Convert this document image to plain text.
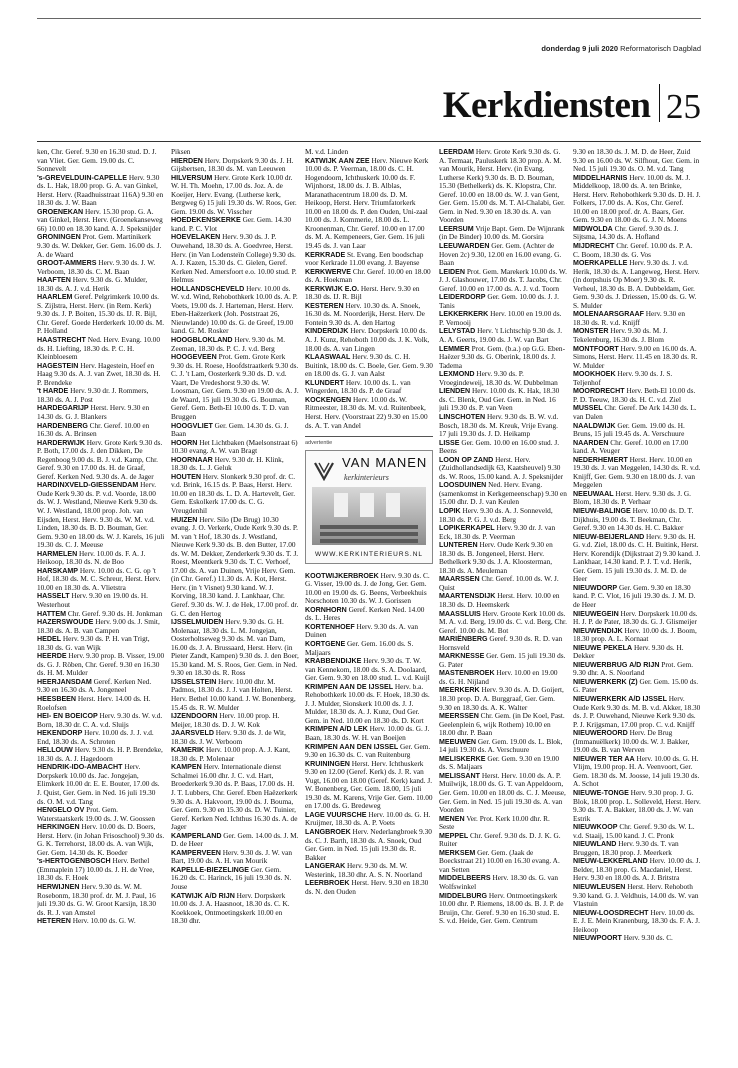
donderdag 9 juli 2020 Reformatorisch Dagblad
Kerkdiensten 25

ken, Chr. Geref. 9.30 en 16.30 stud. D. J. van Vliet. Ger. Gem. 19.00 ds. C. Sonnevelt

's-GREVELDUIN-CAPELLE Herv. 9.30 ds. L. Hak, 18.00 prop. G. A. van Ginkel, Herst. Herv. (Raadhuisstraat 116A) 9.30 en 18.30 ds. J. W. Baan

GROENEKAN Herv. 15.30 prop. G. A. van Ginkel, Herst. Herv. (Groenekanseweg 66) 10.00 en 18.30 kand. A. J. Speksnijder

GRONINGEN Prot. Gem. Martinikerk 9.30 ds. W. Dekker, Ger. Gem. 16.00 ds. J. A. de Waard

GROOT-AMMERS Herv. 9.30 ds. J. W. Verboom, 18.30 ds. C. M. Baan

HAAFTEN Herv. 9.30 ds. G. Mulder, 18.30 ds. A. J. v.d. Herik

HAARLEM Geref. Pelgrimkerk 10.00 ds. S. Zijlstra, Herst. Herv. (in Rem. Kerk) 9.30 ds. J. P. Boiten, 15.30 ds. IJ. R. Bijl, Chr. Geref. Goede Herderkerk 10.00 ds. M. P. Holland

HAASTRECHT Ned. Herv. Evang. 10.00 ds. H. Liefting, 18.30 ds. P. C. H. Kleinbloesem

HAGESTEIN Herv. Hagestein, Hoef en Haag 9.30 ds. A. J. van Zwet, 18.30 ds. H. P. Brendeke

't HARDE Herv. 9.30 dr. J. Rommers, 18.30 ds. A. J. Post

HARDEGARIJP Herst. Herv. 9.30 en 14.30 ds. G. J. Blankers

HARDENBERG Chr. Geref. 10.00 en 16.30 ds. A. Brinsen

HARDERWIJK Herv. Grote Kerk 9.30 ds. P. Both, 17.00 ds. J. den Dikken, De Regenboog 9.00 ds. B. J. v.d. Kamp, Chr. Geref. 9.30 en 17.00 ds. H. de Graaf, Geref. Kerken Ned. 9.30 ds. A. de Jager

HARDINXVELD-GIESSENDAM Herv. Oude Kerk 9.30 ds. P. v.d. Voorde, 18.00 ds. W. J. Westland, Nieuwe Kerk 9.30 ds. W. J. Westland, 18.00 prop. Joh. van Eijsden, Herst. Herv. 9.30 ds. W. M. v.d. Linden, 18.30 ds. B. D. Bouman, Ger. Gem. 9.30 en 18.00 ds. W. J. Karels, 16 juli 19.30 ds. C. J. Meeuse

HARMELEN Herv. 10.00 ds. F. A. J. Heikoop, 18.30 ds. N. de Boo

HARSKAMP Herv. 10.00 ds. C. G. op 't Hof, 18.30 ds. M. C. Schreur, Herst. Herv. 10.00 en 18.30 ds. A. Vlietstra

HASSELT Herv. 9.30 en 19.00 ds. H. Westerhout

HATTEM Chr. Geref. 9.30 ds. H. Jonkman

HAZERSWOUDE Herv. 9.00 ds. J. Smit, 18.30 ds. A. B. van Campen

HEDEL Herv. 9.30 ds. P. H. van Trigt, 18.30 ds. G. van Wijk

HEERDE Herv. 9.30 prop. B. Visser, 19.00 ds. G. J. Röben, Chr. Geref. 9.30 en 16.30 ds. H. M. Mulder

HEERJANSDAM Geref. Kerken Ned. 9.30 en 16.30 ds. A. Jongeneel

HEESBEEN Herst. Herv. 14.00 ds. H. Roelofsen

HEI- EN BOEICOP Herv. 9.30 ds. W. v.d. Born, 18.30 dr. C. A. v.d. Sluijs

HEKENDORP Herv. 10.00 ds. J. J. v.d. End, 18.30 ds. A. Schroten

HELLOUW Herv. 9.30 ds. H. P. Brendeke, 18.30 ds. A. J. Hagedoorn

HENDRIK-IDO-AMBACHT Herv. Dorpskerk 10.00 ds. Jac. Jongejan, Elimkerk 10.00 dr. E. E. Bouter, 17.00 ds. J. Quist, Ger. Gem. in Ned. 16 juli 19.30 ds. O. M. v.d. Tang

HENGELO OV Prot. Gem. Waterstaatskerk 19.00 ds. J. W. Goossen

HERKINGEN Herv. 10.00 ds. D. Boers, Herst. Herv. (in Johan Frisoschool) 9.30 ds. G. K. Terrehorst, 18.00 ds. A. van Wijk, Ger. Gem. 14.30 ds. K. Boeder

's-HERTOGENBOSCH Herv. Bethel (Emmaplein 17) 10.00 ds. J. H. de Vree, 18.30 ds. F. Hoek

HERWIJNEN Herv. 9.30 ds. W. M. Rosebonm, 18.30 prof. dr. M. J. Paul, 16 juli 19.30 ds. G. W. Groot Karsijn, 18.30 ds. R. J. van Amstel

HETEREN Herv. 10.00 ds. G. W.

Piksen

HIERDEN Herv. Dorpskerk 9.30 ds. J. H. Gijsbertsen, 18.30 ds. M. van Leeuwen

HILVERSUM Herv. Grote Kerk 10.00 dr. W. H. Th. Moehn, 17.00 ds. Joz. A. de Koeijer, Herv. Evang. (Lutherse kerk, Bergweg 6) 15 juli 19.30 ds. W. Roos, Ger. Gem. 19.00 ds. W. Visscher

HOEDEKENSKERKE Ger. Gem. 14.30 kand. P. C. Vlot

HOEVELAKEN Herv. 9.30 ds. J. P. Ouwehand, 18.30 ds. A. Goedvree, Herst. Herv. (in Van Lodensteïn College) 9.30 ds. A. J. Kazen, 15.30 ds. C. Gielen, Geref. Kerken Ned. Amersfoort e.o. 10.00 stud. P. Helmus

HOLLANDSCHEVELD Herv. 10.00 ds. W. v.d. Wind, Rehobothkerk 10.00 ds. A. P. Voets, 19.00 ds. J. Harteman, Herst. Herv. Eben-Haëzerkerk (Joh. Poststraat 26, Nieuwlande) 10.00 ds. G. de Greef, 19.00 kand. G. M. Rosker

HOOGBLOKLAND Herv. 9.30 ds. M. Zeeman, 18.30 ds. P. C. J. v.d. Berg

HOOGEVEEN Prot. Gem. Grote Kerk 9.30 ds. H. Roese, Hoofdstraatkerk 9.30 ds. C. J. 't Lam, Oosterkerk 9.30 ds. D. v.d. Vaart, De Vredeshorst 9.30 ds. W. Loosman, Ger. Gem. 9.30 en 19.00 ds. A. J. de Waard, 15 juli 19.30 ds. G. Bouman, Geref. Gem. Beth-El 10.00 ds. T. D. van Bruggen

HOOGVLIET Ger. Gem. 14.30 ds. G. J. Baan

HOORN Het Lichtbaken (Maelsonstraat 6) 10.30 evang. A. W. van Bragt

HOORNAAR Herv. 9.30 dr. H. Klink, 18.30 ds. L. J. Geluk

HOUTEN Herv. Slonkerk 9.30 prof. dr. C. v.d. Brink, 16.15 ds. P. Baas, Herst. Herv. 10.00 en 18.30 ds. L. D. A. Hartevelt, Ger. Gem. Eskolkerk 17.00 ds. C. G. Vreugdenhil

HUIZEN Herv. Silo (De Brug) 10.30 evang. J. O. Verkerk, Oude Kerk 9.30 ds. P. M. van 't Hof, 18.30 ds. J. Westland, Nieuwe Kerk 9.30 ds. B. den Butter, 17.00 ds. W. M. Dekker, Zenderkerk 9.30 ds. T. J. Roest, Meentkerk 9.30 ds. T. C. Verhoef, 17.00 ds. A. van Duinen, Vrije Herv. Gem. (in Chr. Geref.) 11.30 ds. A. Kot, Herst. Herv. (in 't Visnet) 9.30 kand. W. J. Korving, 18.30 kand. J. Lankhaar, Chr. Geref. 9.30 ds. W. J. de Hek, 17.00 prof. dr. G. C. den Hertog

IJSSELMUIDEN Herv. 9.30 ds. G. H. Molenaar, 18.30 ds. L. M. Jongejan, Oosterholtseweg 9.30 ds. M. van Dam, 16.00 ds. J. A. Brussaard, Herst. Herv. (in Pieter Zandt, Kampen) 9.30 ds. J. den Boer, 15.30 kand. M. S. Roos, Ger. Gem. in Ned. 9.30 en 18.30 ds. R. Ross

IJSSELSTEIN Herv. 10.00 dhr. M. Padmos, 18.30 ds. J. J. van Holten, Herst. Herv. Bethel 10.00 kand. J. W. Bonenberg, 15.45 ds. R. W. Mulder

IJZENDOORN Herv. 10.00 prop. H. Meijer, 18.30 ds. D. J. W. Kok

JAARSVELD Herv. 9.30 ds. J. de Wit, 18.30 ds. J. W. Verboom

KAMERIK Herv. 10.00 prop. A. J. Kant, 18.30 ds. P. Molenaar

KAMPEN Herv. Internationale dienst Schalmei 16.00 dhr. J. C. v.d. Hart, Broederkerk 9.30 ds. P. Baas, 17.00 ds. H. J. T. Lubbers, Chr. Geref. Eben Haëzerkerk 9.30 ds. A. Hakvoort, 19.00 ds. J. Bouma, Ger. Gem. 9.30 en 15.30 ds. D. W. Tuinier, Geref. Kerken Ned. Ichthus 16.30 ds. A. de Jager

KAMPERLAND Ger. Gem. 14.00 ds. J. M. D. de Heer

KAMPERVEEN Herv. 9.30 ds. J. W. van Bart, 19.00 ds. A. H. van Mourik

KAPELLE-BIEZELINGE Ger. Gem. 16.20 ds. C. Harinck, 16 juli 19.30 ds. N. Jouse

KATWIJK A/D RIJN Herv. Dorpskerk 10.00 ds. J. A. Haasnoot, 18.30 ds. C. K. Koekkoek, Ontmoetingskerk 10.00 en 18.30 dhr.

M. v.d. Linden

KATWIJK AAN ZEE Herv. Nieuwe Kerk 10.00 ds. P. Veerman, 18.00 ds. C. H. Hogendoorn, Ichthuskerk 10.00 ds. F. Wijnhorst, 18.00 ds. J. B. Alblas, Maranathacentrum 18.00 ds. D. M. Heikoop, Herst. Herv. Triumfatorkerk 10.00 en 18.00 ds. P. den Ouden, Uni-zaal 10.00 ds. J. Kommerie, 18.00 ds. L. Kroonenman, Chr. Geref. 10.00 en 17.00 ds. M. A. Kempeneers, Ger. Gem. 16 juli 19.45 ds. J. van Laar

KERKRADE St. Evang. Een boodschap voor Kerkrade 11.00 evang. J. Bayense

KERKWERVE Chr. Geref. 10.00 en 18.00 ds. A. Hoekman

KERKWIJK E.O. Herst. Herv. 9.30 en 18.30 ds. IJ. R. Bijl

KESTEREN Herv. 10.30 ds. A. Snoek, 16.30 ds. M. Noorderijk, Herst. Herv. De Fontein 9.30 ds. A. den Hartog

KINDERDIJK Herv. Dorpskerk 10.00 ds. A. J. Kunz, Rehoboth 10.00 ds. J. K. Volk, 18.00 ds. A. van Lingen

KLAASWAAL Herv. 9.30 ds. C. H. Buitink, 18.00 ds. C. Boele, Ger. Gem. 9.30 en 18.00 ds. G. J. van Aalst

KLUNDERT Herv. 10.00 ds. L. van Wingerden, 18.30 ds. P. de Graaf

KOCKENGEN Herv. 10.00 ds. W. Ritmeester, 18.30 ds. M. v.d. Ruitenbeek, Herst. Herv. (Voorstraat 22) 9.30 en 15.00 ds. A. T. van Andel

advertentie
VAN MANEN
kerkinterieurs
WWW.KERKINTERIEURS.NL

KOOTWIJKERBROEK Herv. 9.30 ds. C. G. Visser, 19.00 ds. J. de Jong, Ger. Gem. 10.00 en 19.00 ds. G. Beens, Verbeekhuis Norschoten 10.30 ds. W. J. Gorissen

KORNHORN Geref. Kerken Ned. 14.00 ds. L. Heres

KORTENHOEF Herv. 9.30 ds. A. van Duinen

KORTGENE Ger. Gem. 16.00 ds. S. Maljaars

KRABBENDIJKE Herv. 9.30 ds. T. W. van Kennekom, 18.00 ds. S. A. Doolaard, Ger. Gem. 9.30 en 18.00 stud. L. v.d. Kuijl

KRIMPEN AAN DE IJSSEL Herv. b.a. Rehobothkerk 10.00 ds. F. Hoek, 18.30 ds. J. J. Mulder, Sionskerk 10.00 ds. J. J. Mulder, 18.30 ds. A. J. Kunz, Oud Ger. Gem. in Ned. 10.00 en 18.30 ds. D. Kort

KRIMPEN A/D LEK Herv. 10.00 ds. G. J. Baan, 18.30 ds. W. H. van Boeijen

KRIMPEN AAN DEN IJSSEL Ger. Gem. 9.30 en 16.30 ds. C. van Ruitenburg

KRUININGEN Herst. Herv. Ichthuskerk 9.30 en 12.00 (Geref. Kerk) ds. J. R. van Vugt, 16.00 en 18.00 (Geref. Kerk) kand. J. W. Bonenberg, Ger. Gem. 18.00, 15 juli 19.30 ds. M. Karens, Vrije Ger. Gem. 10.00 en 17.00 ds. G. Bredeweg

LAGE VUURSCHE Herv. 10.00 ds. G. H. Kruijmer, 18.30 ds. A. P. Voets

LANGBROEK Herv. Nederlangbroek 9.30 ds. C. J. Barth, 18.30 ds. A. Snoek, Oud Ger. Gem. in Ned. 15 juli 19.30 ds. R. Bakker

LANGERAK Herv. 9.30 ds. M. W. Westerink, 18.30 dhr. A. S. N. Noorland

LEERBROEK Herst. Herv. 9.30 en 18.30 ds. N. den Ouden

LEERDAM Herv. Grote Kerk 9.30 ds. G. A. Termaat, Pauluskerk 18.30 prop. A. M. van Mourik, Herst. Herv. (in Evang. Lutherse Kerk) 9.30 ds. B. D. Bouman, 15.30 (Bethelkerk) ds. K. Klopstra, Chr. Geref. 10.00 en 18.00 ds. W. J. van Gent, Ger. Gem. 15.00 ds. M. T. Al-Chalabi, Ger. Gem. in Ned. 9.30 en 18.30 ds. A. van Voorden

LEERSUM Vrije Bapt. Gem. De Wijnrank (in De Binder) 10.00 ds. M. Gorsira

LEEUWARDEN Ger. Gem. (Achter de Hoven 2c) 9.30, 12.00 en 16.00 evang. G. Baan

LEIDEN Prot. Gem. Marekerk 10.00 ds. W. J. J. Glashouwer, 17.00 ds. T. Jacobs, Chr. Geref. 10.00 en 17.00 ds. A. J. v.d. Toorn

LEIDERDORP Ger. Gem. 10.00 ds. J. J. Tanis

LEKKERKERK Herv. 10.00 en 19.00 ds. P. Vernooij

LELYSTAD Herv. 't Lichtschip 9.30 ds. J. A. A. Geerts, 19.00 ds. J. W. van Bart

LEMMER Prot. Gem. (b.a.) op G.G. Eben-Haëzer 9.30 ds. G. Oberink, 18.00 ds. J. Tadema

LEXMOND Herv. 9.30 ds. P. Vroegindeweij, 18.30 ds. W. Dubbelman

LIENDEN Herv. 10.00 ds. K. Hak, 18.30 ds. C. Blenk, Oud Ger. Gem. in Ned. 16 juli 19.30 ds. P. van Veen

LINSCHOTEN Herv. 9.30 ds. B. W. v.d. Bosch, 18.30 ds. M. Kreuk, Vrije Evang. 17 juli 19.30 ds. J. D. Heikamp

LISSE Ger. Gem. 10.00 en 16.00 stud. J. Beens

LOON OP ZAND Herst. Herv. (Zuidhollandsedijk 63, Kaatsheuvel) 9.30 ds. W. Roos, 15.00 kand. A. J. Speksnijder

LOOSDUINEN Ned. Herv. Evang. (samenkomst in Kerkgemeenschap) 9.30 en 15.00 dhr. D. J. van Keulen

LOPIK Herv. 9.30 ds. A. J. Sonneveld, 18.30 ds. P. G. J. v.d. Berg

LOPIKERKAPEL Herv. 9.30 dr. J. van Eck, 18.30 ds. P. Veerman

LUNTEREN Herv. Oude Kerk 9.30 en 18.30 ds. B. Jongeneel, Herst. Herv. Bethelkerk 9.30 ds. J. A. Kloosterman, 18.30 ds. A. Meuleman

MAARSSEN Chr. Geref. 10.00 ds. W. J. Quist

MAARTENSDIJK Herst. Herv. 10.00 en 18.30 ds. D. Heemskerk

MAASSLUIS Herv. Groote Kerk 10.00 ds. M. A. v.d. Berg, 19.00 ds. C. v.d. Berg, Chr. Geref. 10.00 ds. M. Bot

MARIËNBERG Geref. 9.30 ds. R. D. van Hornsveld

MARKNESSE Ger. Gem. 15 juli 19.30 ds. G. Pater

MASTENBROEK Herv. 10.00 en 19.00 ds. G. H. Nijland

MEERKERK Herv. 9.30 ds. A. D. Goijert, 18.30 prop. D. A. Burggraaf, Ger. Gem. 9.30 en 18.30 ds. A. K. Walter

MEERSSEN Chr. Gem. (in De Koel, Past. Geelenplein 6, wijk Rothem) 10.00 en 18.00 dhr. P. Baan

MEEUWEN Ger. Gem. 19.00 ds. L. Blok, 14 juli 19.30 ds. A. Verschuure

MELISKERKE Ger. Gem. 9.30 en 19.00 ds. S. Maljaars

MELISSANT Herst. Herv. 10.00 ds. A. P. Muilwijk, 18.00 ds. G. T. van Appeldoorn, Ger. Gem. 10.00 en 18.00 ds. C. J. Meeuse, Ger. Gem. in Ned. 15 juli 19.30 ds. A. van Voorden

MENEN Ver. Prot. Kerk 10.00 dhr. R. Seste

MEPPEL Chr. Geref. 9.30 ds. D. J. K. G. Ruiter

MERKSEM Ger. Gem. (Jaak de Boeckstraat 21) 10.00 en 16.30 evang. A. van Setten

MIDDELBEERS Herv. 18.30 ds. G. van Wolfswinkel

MIDDELBURG Herv. Ontmoetingskerk 10.00 dhr. P. Riemens, 18.00 ds. B. J. P. de Bruijn, Chr. Geref. 9.30 en 16.30 stud. E. S. v.d. Heide, Ger. Gem. Centrum

9.30 en 18.30 ds. J. M. D. de Heer, Zuid 9.30 en 16.00 ds. W. Silfhout, Ger. Gem. in Ned. 15 juli 19.30 ds. O. M. v.d. Tang

MIDDELHARNIS Herv. 10.00 ds. M. J. Middelkoop, 18.00 ds. A. ten Brinke, Herst. Herv. Rehobothkerk 9.30 ds. D. H. J. Folkers, 17.00 ds. A. Kos, Chr. Geref. 10.00 en 18.00 prof. dr. A. Baars, Ger. Gem. 9.30 en 18.00 ds. G. J. N. Moens

MIDWOLDA Chr. Geref. 9.30 ds. J. Sijtsma, 14.30 ds. A. Hofland

MIJDRECHT Chr. Geref. 10.00 ds. P. A. C. Boom, 18.30 ds. G. Vos

MOERKAPELLE Herv. 9.30 ds. J. v.d. Herik, 18.30 ds. A. Langeweg, Herst. Herv. (in dorpshuis Op Moer) 9.30 ds. R. Verheul, 18.30 ds. B. A. Dubbeldam, Ger. Gem. 9.30 ds. J. Driessen, 15.00 ds. G. W. S. Mulder

MOLENAARSGRAAF Herv. 9.30 en 18.30 ds. R. v.d. Knijff

MONSTER Herv. 9.30 ds. M. J. Tekelenburg, 16.30 ds. J. Blom

MONTFOORT Herv. 9.00 en 16.00 ds. A. Simons, Herst. Herv. 11.45 en 18.30 ds. R. W. Mulder

MOOKHOEK Herv. 9.30 ds. J. S. Teljenhof

MOORDRECHT Herv. Beth-El 10.00 ds. P. D. Teeuw, 18.30 ds. H. C. v.d. Ziel

MUSSEL Chr. Geref. De Ark 14.30 ds. L. van Dalen

NAALDWIJK Ger. Gem. 19.00 ds. H. Bruns, 15 juli 19.45 ds. A. Verschuure

NAARDEN Chr. Geref. 10.00 en 17.00 kand. A. Veuger

NEDERHEMERT Herst. Herv. 10.00 en 19.30 ds. J. van Meggelen, 14.30 ds. R. v.d. Knijff, Ger. Gem. 9.30 en 18.00 ds. J. van Meggelen

NEEUWAAL Herst. Herv. 9.30 ds. J. G. Blom, 18.30 ds. P. Verhaar

NIEUW-BALINGE Herv. 10.00 ds. D. T. Dijkhuis, 19.00 ds. T. Beekman, Chr. Geref. 9.30 en 14.30 ds. H. C. Bakker

NIEUW-BEIJERLAND Herv. 9.30 ds. H. G. v.d. Ziel, 18.00 ds. C. H. Buitink, Herst. Herv. Korendijk (Dijkstraat 2) 9.30 kand. J. Lankhaar, 14.30 kand. P. J. T. v.d. Herik, Ger. Gem. 15 juli 19.30 ds. J. M. D. de Heer

NIEUWDORP Ger. Gem. 9.30 en 18.30 kand. P. C. Vlot, 16 juli 19.30 ds. J. M. D. de Heer

NIEUWEGEIN Herv. Dorpskerk 10.00 ds. H. J. P. de Pater, 18.30 ds. G. J. Glismeijer

NIEUWENDIJK Herv. 10.00 ds. J. Boom, 18.30 prop. A. L. Kornaat

NIEUWE PEKELA Herv. 9.30 ds. H. Dekker

NIEUWERBRUG A/D RIJN Prot. Gem. 9.30 dhr. A. S. Noorland

NIEUWERKERK (Z) Ger. Gem. 15.00 ds. G. Pater

NIEUWERKERK A/D IJSSEL Herv. Oude Kerk 9.30 ds. M. B. v.d. Akker, 18.30 ds. J. P. Ouwehand, Nieuwe Kerk 9.30 ds. P. J. Krijgsman, 17.00 prop. C. v.d. Knijff

NIEUWEROORD Herv. De Brug (Immanuëlkerk) 10.00 ds. W. J. Bakker, 19.00 ds. B. van Werven

NIEUWER TER AA Herv. 10.00 ds. G. H. Vlijm, 19.00 prop. H. A. Veenvoort, Ger. Gem. 18.30 ds. M. Joosse, 14 juli 19.30 ds. A. Schot

NIEUWE-TONGE Herv. 9.30 prop. J. G. Blok, 18.00 prop. L. Solleveld, Herst. Herv. 9.30 ds. T. A. Bakker, 18.00 ds. J. W. van Estrik

NIEUWKOOP Chr. Geref. 9.30 ds. W. L. v.d. Staaij, 15.00 kand. J. C. Pronk

NIEUWLAND Herv. 9.30 ds. T. van Bruggen, 18.30 prop. J. Meerkerk

NIEUW-LEKKERLAND Herv. 10.00 ds. J. Belder, 18.30 prop. G. Macdaniel, Herst. Herv. 9.30 en 18.00 ds. A. J. Britstra

NIEUWLEUSEN Herst. Herv. Rehoboth 9.30 kand. G. J. Veldhuis, 14.00 ds. W. van Vlastuin

NIEUW-LOOSDRECHT Herv. 10.00 ds. E. J. E. Mein Kranenburg, 18.30 ds. F. A. J. Heikoop

NIEUWPOORT Herv. 9.30 ds. C.
